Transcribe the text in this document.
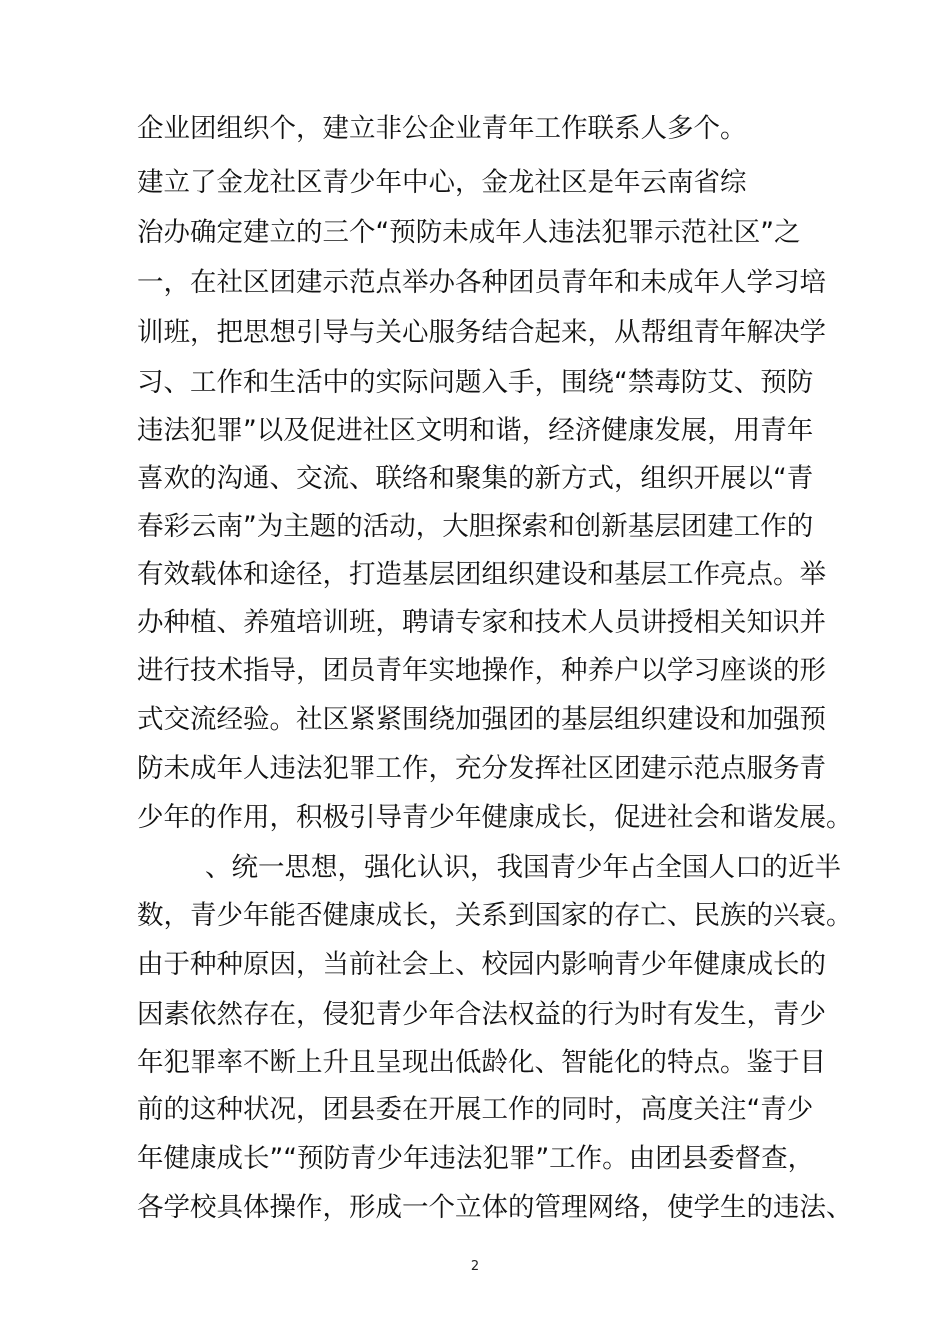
企业团组织个，建立非公企业青年工作联系人多个。
建立了金龙社区青少年中心，金龙社区是年云南省综
治办确定建立的三个“预防未成年人违法犯罪示范社区”之
一，在社区团建示范点举办各种团员青年和未成年人学习培
训班，把思想引导与关心服务结合起来，从帮组青年解决学
习、工作和生活中的实际问题入手，围绕“禁毒防艾、预防
违法犯罪”以及促进社区文明和谐，经济健康发展，用青年
喜欢的沟通、交流、联络和聚集的新方式，组织开展以“青
春彩云南”为主题的活动，大胆探索和创新基层团建工作的
有效载体和途径，打造基层团组织建设和基层工作亮点。举
办种植、养殖培训班，聘请专家和技术人员讲授相关知识并
进行技术指导，团员青年实地操作，种养户以学习座谈的形
式交流经验。社区紧紧围绕加强团的基层组织建设和加强预
防未成年人违法犯罪工作，充分发挥社区团建示范点服务青
少年的作用，积极引导青少年健康成长，促进社会和谐发展。
、统一思想，强化认识，我国青少年占全国人口的近半
数，青少年能否健康成长，关系到国家的存亡、民族的兴衰。
由于种种原因，当前社会上、校园内影响青少年健康成长的
因素依然存在，侵犯青少年合法权益的行为时有发生，青少
年犯罪率不断上升且呈现出低龄化、智能化的特点。鉴于目
前的这种状况，团县委在开展工作的同时，高度关注“青少
年健康成长”“预防青少年违法犯罪”工作。由团县委督查，
各学校具体操作，形成一个立体的管理网络，使学生的违法、
2
